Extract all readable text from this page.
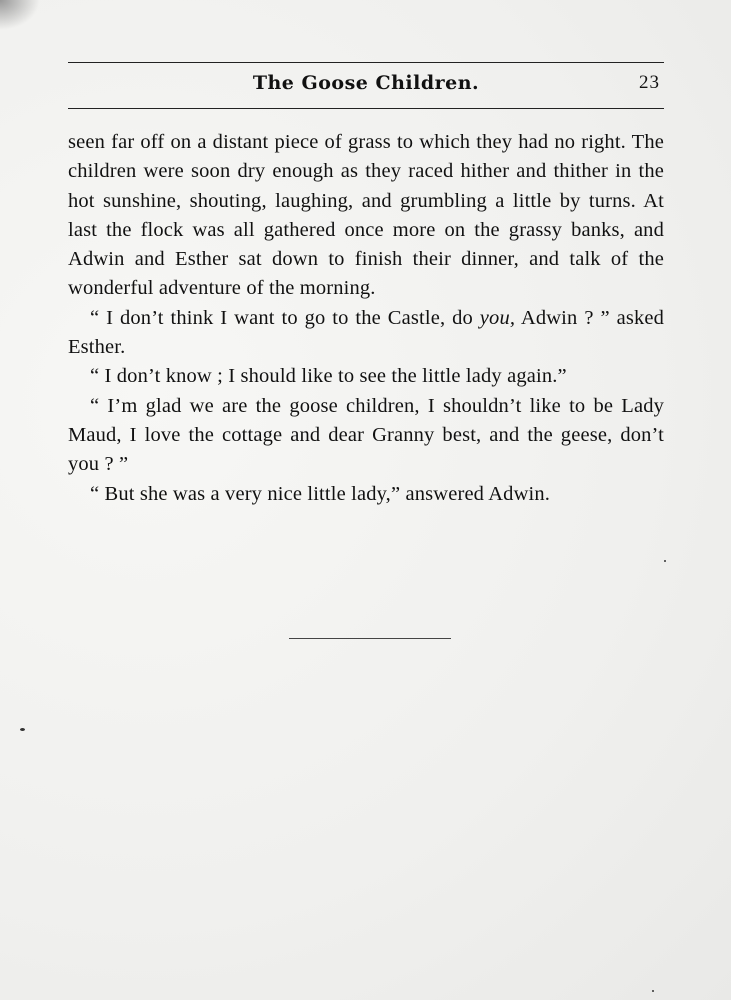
The Goose Children.	23

seen far off on a distant piece of grass to which they had no right. The children were soon dry enough as they raced hither and thither in the hot sunshine, shouting, laughing, and grumbling a little by turns. At last the flock was all gathered once more on the grassy banks, and Adwin and Esther sat down to finish their dinner, and talk of the wonderful adventure of the morning.

“ I don’t think I want to go to the Castle, do you, Adwin ? ” asked Esther.

“ I don’t know ; I should like to see the little lady again.”

“ I’m glad we are the goose children, I shouldn’t like to be Lady Maud, I love the cottage and dear Granny best, and the geese, don’t you ? ”

“ But she was a very nice little lady,” answered Adwin.
